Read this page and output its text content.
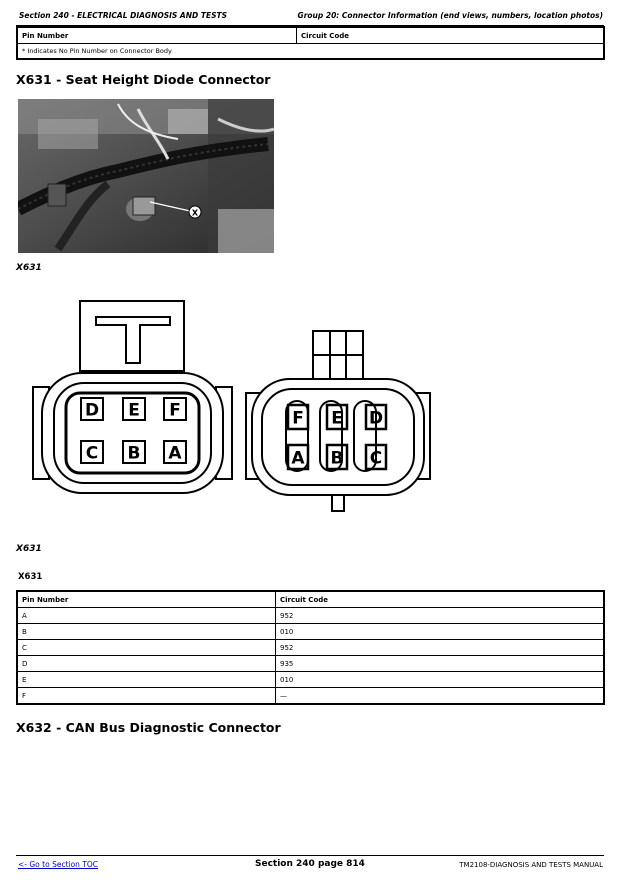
Section 240 - ELECTRICAL DIAGNOSIS AND TESTS	Group 20: Connector Information (end views, numbers, location photos)
Pin Number	Circuit Code
* Indicates No Pin Number on Connector Body
X631 - Seat Height Diode Connector
X
X631
D E F
C B A
F E D
A B C
X631
X631
Pin Number	Circuit Code
A	952
B	010
C	952
D	935
E	010
F	—
X632 - CAN Bus Diagnostic Connector
<- Go to Section TOC	Section 240 page 814	TM2108-DIAGNOSIS AND TESTS MANUAL
